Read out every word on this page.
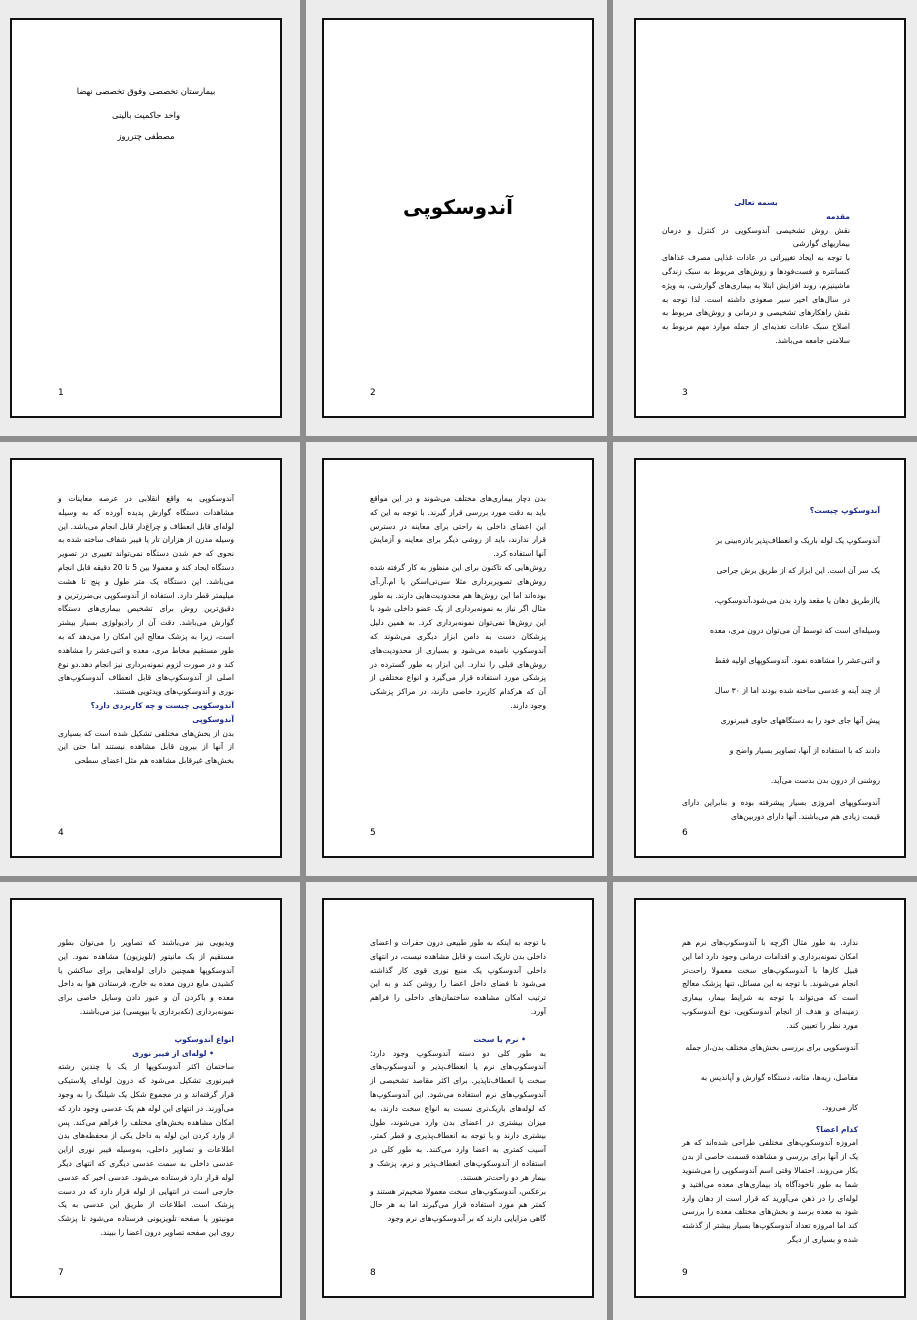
بیمارستان تخصصی وفوق تخصصی نهضا
واحد حاکمیت بالینی
مصطفی چترروز
1
آندوسکوپی
2

بسمه تعالی

مقدمه

نقش روش تشخیصی آندوسکوپی در کنترل و درمان بیماریهای گوارشی

با توجه به ایجاد تغییراتی در عادات غذایی مصرف غذاهای کنسانتره و فست‌فودها و روش‌های مربوط به سبک زندگی ماشینیزم، روند افزایش ابتلا به بیماری‌های گوارشی، به ویژه در سال‌های اخیر سیر صعودی داشته است. لذا توجه به نقش راهکارهای تشخیصی و درمانی و روش‌های مربوط به اصلاح سبک عادات تغذیه‌ای از جمله موارد مهم مربوط به سلامتی جامعه می‌باشد.

3

آندوسکوپی به واقع انقلابی در عرصه معاینات و مشاهدات دستگاه گوارش پدیده آورده که به وسیله لوله‌ای قابل انعطاف و چراغ‌دار قابل انجام می‌باشد. این وسیله مدرن از هزاران تار یا فیبر شفاف ساخته شده به نحوی که خم شدن دستگاه نمی‌تواند تغییری در تصویر دستگاه ایجاد کند و معمولا بین 5 تا 20 دقیقه قابل انجام می‌باشد. این دستگاه یک متر طول و پنج تا هشت میلیمتر قطر دارد. استفاده از آندوسکوپی بی‌ضررترین و دقیق‌ترین روش برای تشخیص بیماری‌های دستگاه گوارش می‌باشد. دقت آن از رادیولوژی بسیار بیشتر است، زیرا به پزشک معالج این امکان را می‌دهد که به طور مستقیم مخاط مری، معده و اثنی‌عشر را مشاهده کند و در صورت لزوم نمونه‌برداری نیز انجام دهد.دو نوع اصلی از آندوسکوپ‌های قابل انعطاف آندوسکوپ‌های نوری و آندوسکوپ‌های ویدئویی هستند.

آندوسکوپی چیست و چه کاربردی دارد؟

آندوسکوپی

بدن از بخش‌های مختلفی تشکیل شده است که بسیاری از آنها از بیرون قابل مشاهده نیستند اما حتی این بخش‌های غیرقابل مشاهده هم مثل اعضای سطحی

4

بدن دچار بیماری‌های مختلف می‌شوند و در این مواقع باید به دقت مورد بررسی قرار گیرند. با توجه به این که این اعضای داخلی به راحتی برای معاینه در دسترس قرار ندارند، باید از روشی دیگر برای معاینه و آزمایش آنها استفاده کرد.

روش‌هایی که تاکنون برای این منظور به کار گرفته شده روش‌های تصویربرداری مثلا سی‌تی‌اسکن یا ام.آر.آی بوده‌اند اما این روش‌ها هم محدودیت‌هایی دارند. به طور مثال اگر نیاز به نمونه‌برداری از یک عضو داخلی شود با این روش‌ها نمی‌توان نمونه‌برداری کرد. به همین دلیل پزشکان دست به دامن ابزار دیگری می‌شوند که آندوسکوپ نامیده می‌شود و بسیاری از محدودیت‌های روش‌های قبلی را ندارد. این ابزار به طور گسترده در پزشکی مورد استفاده قرار می‌گیرد و انواع مختلفی از آن که هرکدام کاربرد خاصی دارند، در مراکز پزشکی وجود دارند.

5

آندوسکوپ چیست؟

آندوسکوپ یک لوله باریک و انعطاف‌پذیر باذره‌بینی بر

یک سر آن است. این ابزار که از طریق برش جراحی

یاازطریق دهان یا مقعد وارد بدن می‌شود،آندوسکوپ،

وسیله‌ای است که توسط آن می‌توان درون مری، معده

و اثنی‌عشر را مشاهده نمود. آندوسکوپهای اولیه فقط

از چند آینه و عدسی ساخته شده بودند اما از ۳۰ سال

پیش آنها جای خود را به دستگاههای حاوی فیبرنوری

دادند که با استفاده از آنها، تصاویر بسیار واضح و

روشنی از درون بدن بدست می‌آید.

آندوسکوپهای امروزی بسیار پیشرفته بوده و بنابراین دارای قیمت زیادی هم می‌باشند. آنها دارای دوربین‌های

6

ویدیویی نیز می‌باشند که تصاویر را می‌توان بطور مستقیم از یک مانیتور (تلویزیون) مشاهده نمود. این آندوسکوپها همچنین دارای لوله‌هایی برای ساکشن یا کشیدن مایع درون معده به خارج، فرستادن هوا به داخل معده و باکردن آن و عبور دادن وسایل خاصی برای نمونه‌برداری (تکه‌برداری یا بیوپسی) نیز می‌باشند.

انواع آندوسکوپ

• لوله‌ای از فیبر نوری

ساختمان اکثر آندوسکوپها از یک یا چندین رشته فیبرنوری تشکیل می‌شود که درون لوله‌ای پلاستیکی قرار گرفته‌اند و در مجموع شکل یک شیلنگ را به وجود می‌آورند. در انتهای این لوله هم یک عدسی وجود دارد که امکان مشاهده بخش‌های مختلف را فراهم می‌کند. پس از وارد کردن این لوله به داخل یکی از محفظه‌های بدن اطلاعات و تصاویر داخلی، به‌وسیله فیبر نوری ازاین عدسی داخلی به سمت عدسی دیگری که انتهای دیگر لوله قرار دارد فرستاده می‌شود. عدسی اخیر که عدسی خارجی است در انتهایی از لوله قرار دارد که در دست پزشک است. اطلاعات از طریق این عدسی به یک مونیتور یا صفحه تلویزیونی فرستاده می‌شود تا پزشک روی این صفحه تصاویر درون اعضا را ببیند.

7

با توجه به اینکه به طور طبیعی درون حفرات و اعضای داخلی بدن تاریک است و قابل مشاهده نیست، در انتهای داخلی آندوسکوپ یک منبع نوری قوی کار گذاشته می‌شود تا فضای داخل اعضا را روشن کند و به این ترتیب امکان مشاهده ساختمان‌های داخلی را فراهم آورد.

• نرم یا سخت

به طور کلی دو دسته آندوسکوپ وجود دارد؛ آندوسکوپ‌های نرم یا انعطاف‌پذیر و آندوسکوپ‌های سخت یا انعطاف‌ناپذیر. برای اکثر مقاصد تشخیصی از آندوسکوپ‌های نرم استفاده می‌شود. این آندوسکوپ‌ها که لوله‌های باریک‌تری نسبت به انواع سخت دارند، به میزان بیشتری در اعضای بدن وارد می‌شوند، طول بیشتری دارند و با توجه به انعطاف‌پذیری و قطر کمتر، آسیب کمتری به اعضا وارد می‌کنند. به طور کلی در استفاده از آندوسکوپ‌های انعطاف‌پذیر و نرم، پزشک و بیمار هر دو راحت‌تر هستند.

برعکس، آندوسکوپ‌های سخت معمولا ضخیم‌تر هستند و کمتر هم مورد استفاده قرار می‌گیرند اما به هر حال گاهی مزایایی دارند که بر آندوسکوپ‌های نرم وجود

8

ندارد. به طور مثال اگرچه با آندوسکوپ‌های نرم هم امکان نمونه‌برداری و اقدامات درمانی وجود دارد اما این قبیل کارها با آندوسکوپ‌های سخت معمولا راحت‌تر انجام می‌شوند. با توجه به این مسائل، تنها پزشک معالج است که می‌تواند با توجه به شرایط بیمار، بیماری زمینه‌ای و هدف از انجام آندوسکوپی، نوع آندوسکوپ مورد نظر را تعیین کند.

آندوسکوپی برای بررسی بخش‌های مختلف بدن،از جمله

مفاصل، ریه‌ها، مثانه، دستگاه گوارش و آپاندیس به

کار می‌رود.

کدام اعضا؟

امروزه آندوسکوپ‌های مختلفی طراحی شده‌اند که هر یک از آنها برای بررسی و مشاهده قسمت خاصی از بدن بکار می‌روند. احتمالا وقتی اسم آندوسکوپی را می‌شنوید شما به طور ناخودآگاه یاد بیماری‌های معده می‌افتید و لوله‌ای را در ذهن می‌آورید که قرار است از دهان وارد شود به معده برسد و بخش‌های مختلف معده را بررسی کند اما امروزه تعداد آندوسکوپ‌ها بسیار بیشتر از گذشته شده و بسیاری از دیگر

9
